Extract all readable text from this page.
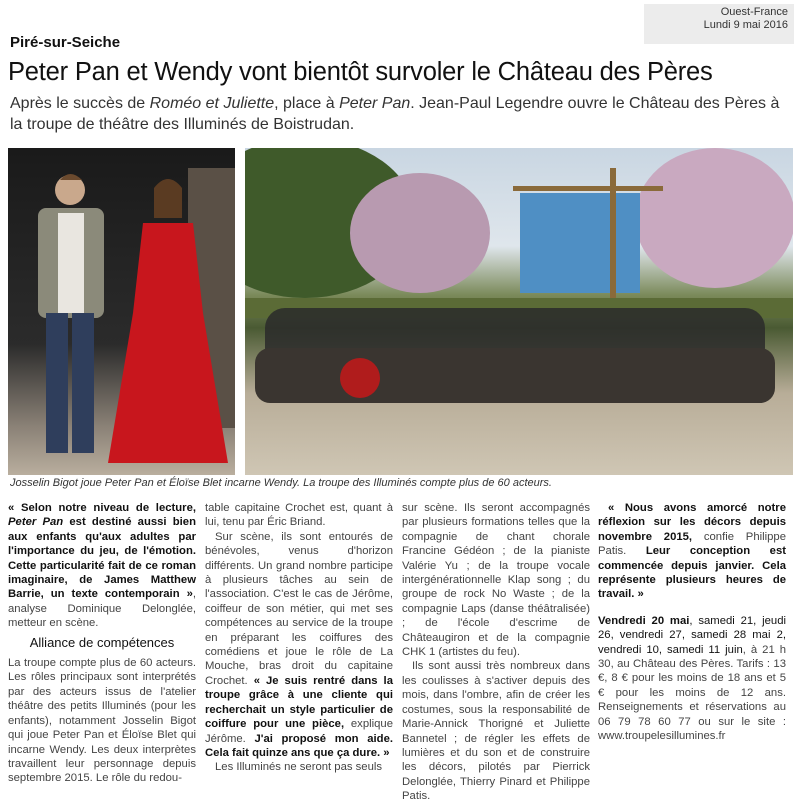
Ouest-France
Lundi 9 mai 2016
Piré-sur-Seiche
Peter Pan et Wendy vont bientôt survoler le Château des Pères
Après le succès de Roméo et Juliette, place à Peter Pan. Jean-Paul Legendre ouvre le Château des Pères à la troupe de théâtre des Illuminés de Boistrudan.
Josselin Bigot joue Peter Pan et Éloïse Blet incarne Wendy. La troupe des Illuminés compte plus de 60 acteurs.

« Selon notre niveau de lecture, Peter Pan est destiné aussi bien aux enfants qu'aux adultes par l'importance du jeu, de l'émotion. Cette particularité fait de ce roman imaginaire, de James Matthew Barrie, un texte contemporain », analyse Dominique Delonglée, metteur en scène.

Alliance de compétences

La troupe compte plus de 60 acteurs. Les rôles principaux sont interprétés par des acteurs issus de l'atelier théâtre des petits Illuminés (pour les enfants), notamment Josselin Bigot qui joue Peter Pan et Éloïse Blet qui incarne Wendy. Les deux interprètes travaillent leur personnage depuis septembre 2015. Le rôle du redou-

table capitaine Crochet est, quant à lui, tenu par Éric Briand.

Sur scène, ils sont entourés de bénévoles, venus d'horizon différents. Un grand nombre participe à plusieurs tâches au sein de l'association. C'est le cas de Jérôme, coiffeur de son métier, qui met ses compétences au service de la troupe en préparant les coiffures des comédiens et joue le rôle de La Mouche, bras droit du capitaine Crochet. « Je suis rentré dans la troupe grâce à une cliente qui recherchait un style particulier de coiffure pour une pièce, explique Jérôme. J'ai proposé mon aide. Cela fait quinze ans que ça dure. »

Les Illuminés ne seront pas seuls

sur scène. Ils seront accompagnés par plusieurs formations telles que la compagnie de chant chorale Francine Gédéon ; de la pianiste Valérie Yu ; de la troupe vocale intergénérationnelle Klap song ; du groupe de rock No Waste ; de la compagnie Laps (danse théâtralisée) ; de l'école d'escrime de Châteaugiron et de la compagnie CHK 1 (artistes du feu).

Ils sont aussi très nombreux dans les coulisses à s'activer depuis des mois, dans l'ombre, afin de créer les costumes, sous la responsabilité de Marie-Annick Thorigné et Juliette Bannetel ; de régler les effets de lumières et du son et de construire les décors, pilotés par Pierrick Delonglée, Thierry Pinard et Philippe Patis.

« Nous avons amorcé notre réflexion sur les décors depuis novembre 2015, confie Philippe Patis. Leur conception est commencée depuis janvier. Cela représente plusieurs heures de travail. »

Vendredi 20 mai, samedi 21, jeudi 26, vendredi 27, samedi 28 mai 2, vendredi 10, samedi 11 juin, à 21 h 30, au Château des Pères. Tarifs : 13 €, 8 € pour les moins de 18 ans et 5 € pour les moins de 12 ans. Renseignements et réservations au 06 79 78 60 77 ou sur le site : www.troupelesillumines.fr
